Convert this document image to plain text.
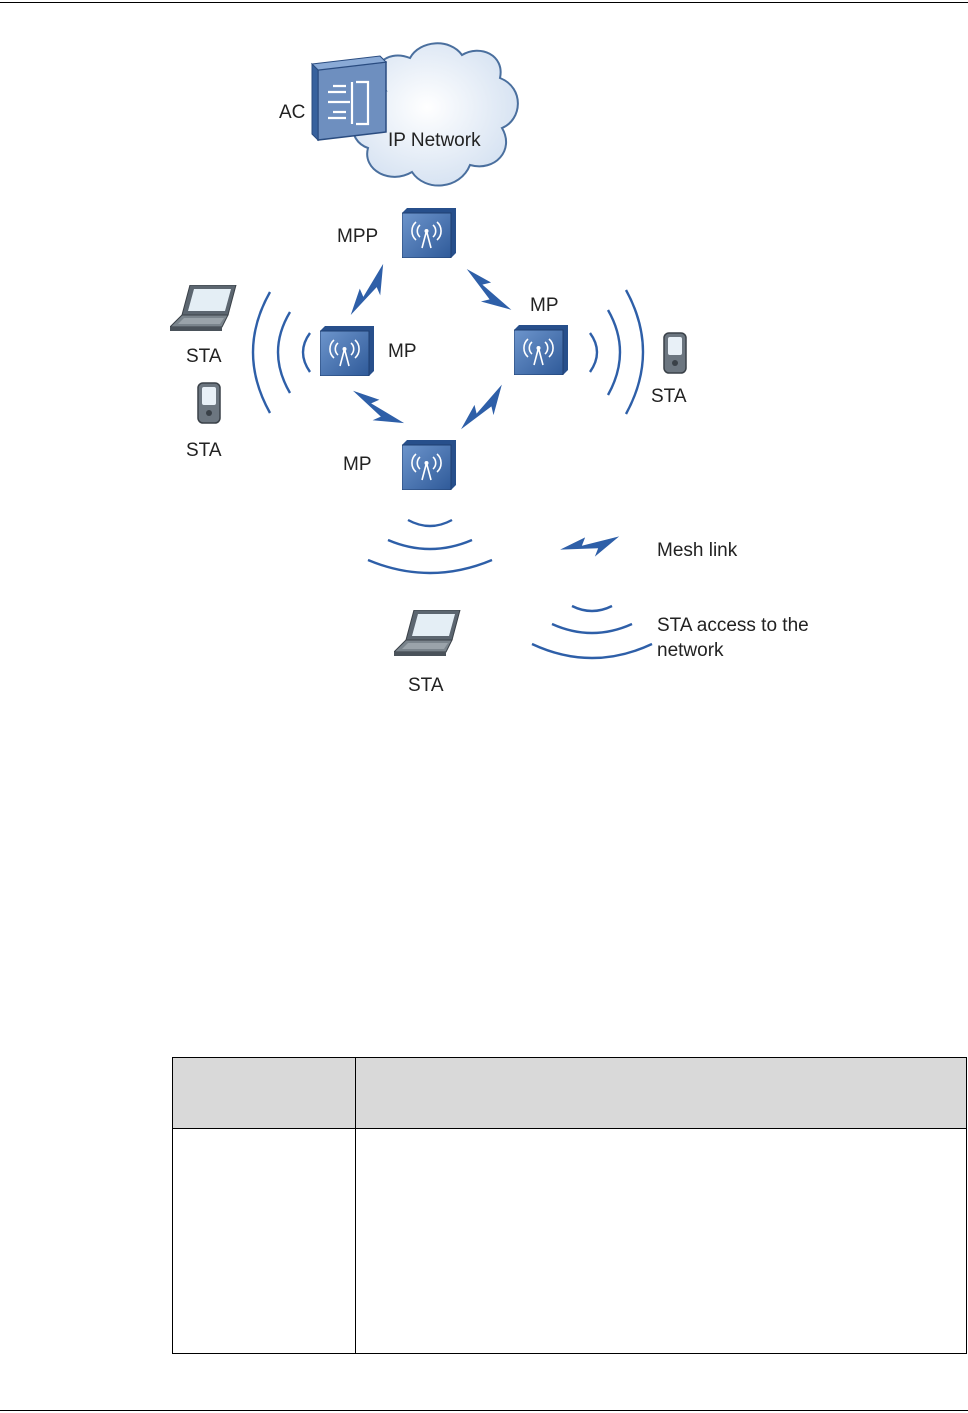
AC
IP Network
MPP
MP
MP
MP
STA
STA
STA
STA
Mesh link
STA access to the
network
